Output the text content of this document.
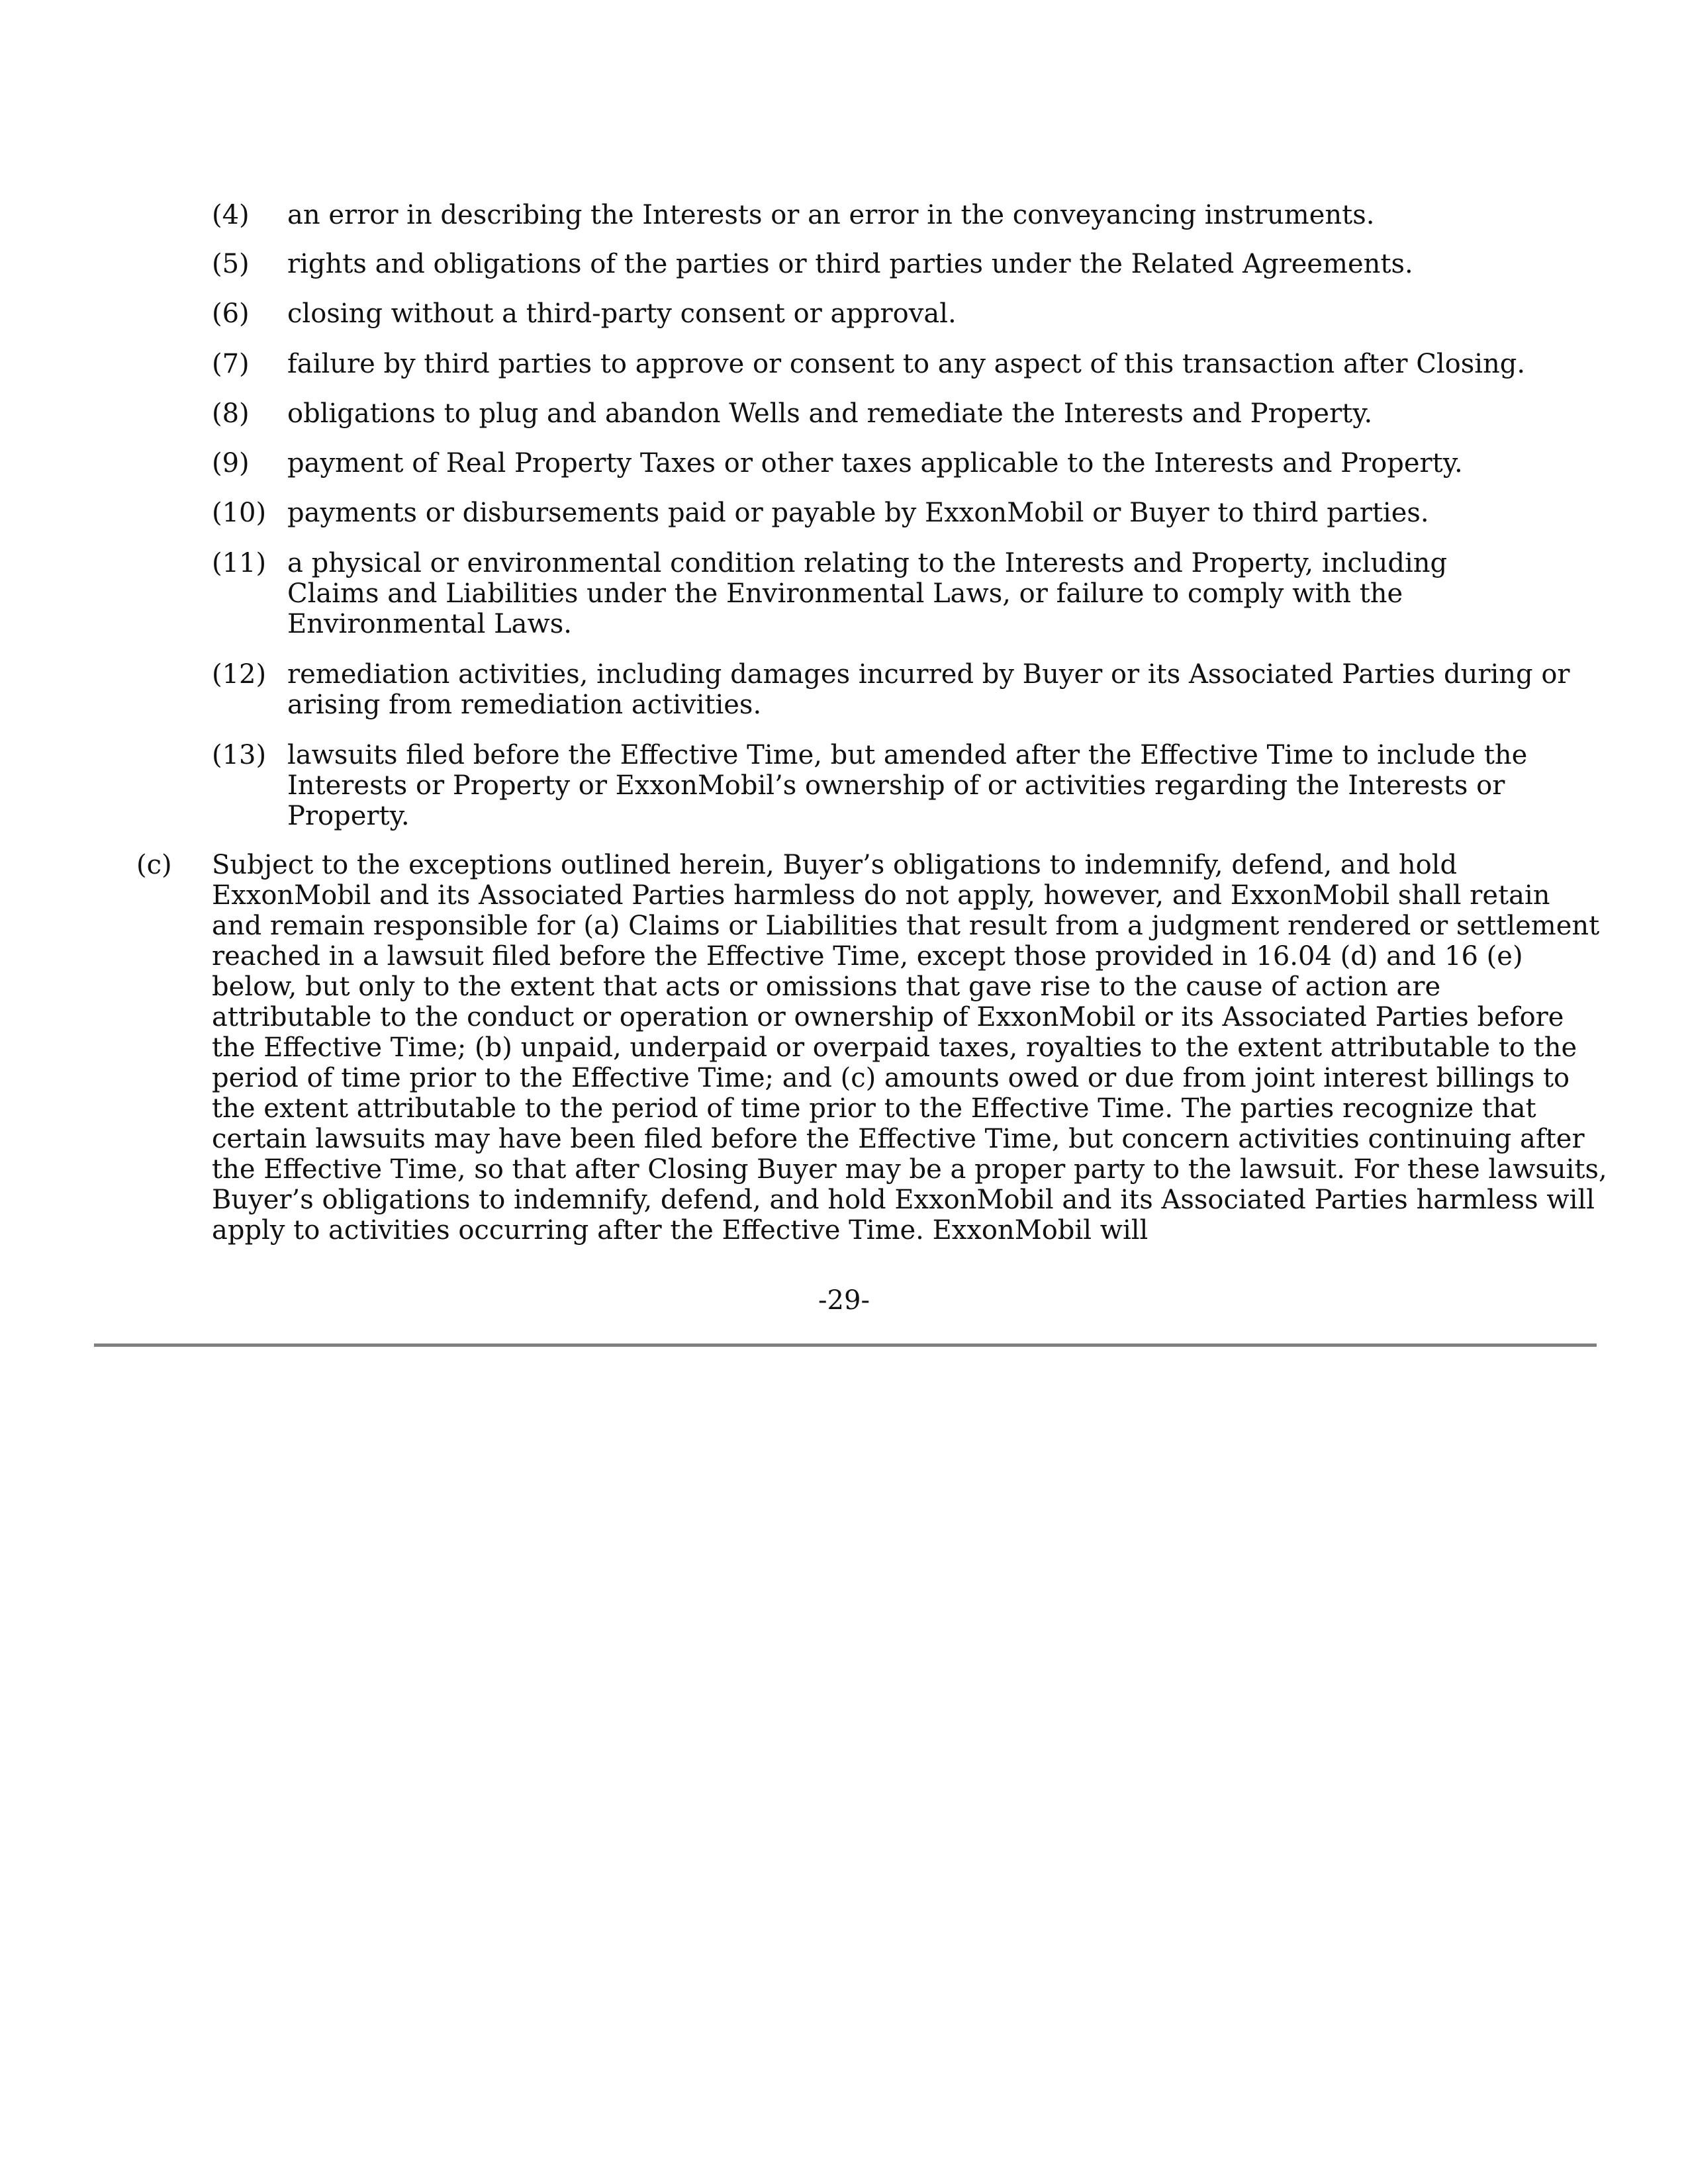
(4) an error in describing the Interests or an error in the conveyancing instruments.

(5) rights and obligations of the parties or third parties under the Related Agreements.

(6) closing without a third-party consent or approval.

(7) failure by third parties to approve or consent to any aspect of this transaction after Closing.

(8) obligations to plug and abandon Wells and remediate the Interests and Property.

(9) payment of Real Property Taxes or other taxes applicable to the Interests and Property.

(10) payments or disbursements paid or payable by ExxonMobil or Buyer to third parties.

(11) a physical or environmental condition relating to the Interests and Property, including Claims and Liabilities under the Environmental Laws, or failure to comply with the Environmental Laws.

(12) remediation activities, including damages incurred by Buyer or its Associated Parties during or arising from remediation activities.

(13) lawsuits filed before the Effective Time, but amended after the Effective Time to include the Interests or Property or ExxonMobil’s ownership of or activities regarding the Interests or Property.

(c) Subject to the exceptions outlined herein, Buyer’s obligations to indemnify, defend, and hold ExxonMobil and its Associated Parties harmless do not apply, however, and ExxonMobil shall retain and remain responsible for (a) Claims or Liabilities that result from a judgment rendered or settlement reached in a lawsuit filed before the Effective Time, except those provided in 16.04 (d) and 16 (e) below, but only to the extent that acts or omissions that gave rise to the cause of action are attributable to the conduct or operation or ownership of ExxonMobil or its Associated Parties before the Effective Time; (b) unpaid, underpaid or overpaid taxes, royalties to the extent attributable to the period of time prior to the Effective Time; and (c) amounts owed or due from joint interest billings to the extent attributable to the period of time prior to the Effective Time. The parties recognize that certain lawsuits may have been filed before the Effective Time, but concern activities continuing after the Effective Time, so that after Closing Buyer may be a proper party to the lawsuit. For these lawsuits, Buyer’s obligations to indemnify, defend, and hold ExxonMobil and its Associated Parties harmless will apply to activities occurring after the Effective Time. ExxonMobil will

-29-
